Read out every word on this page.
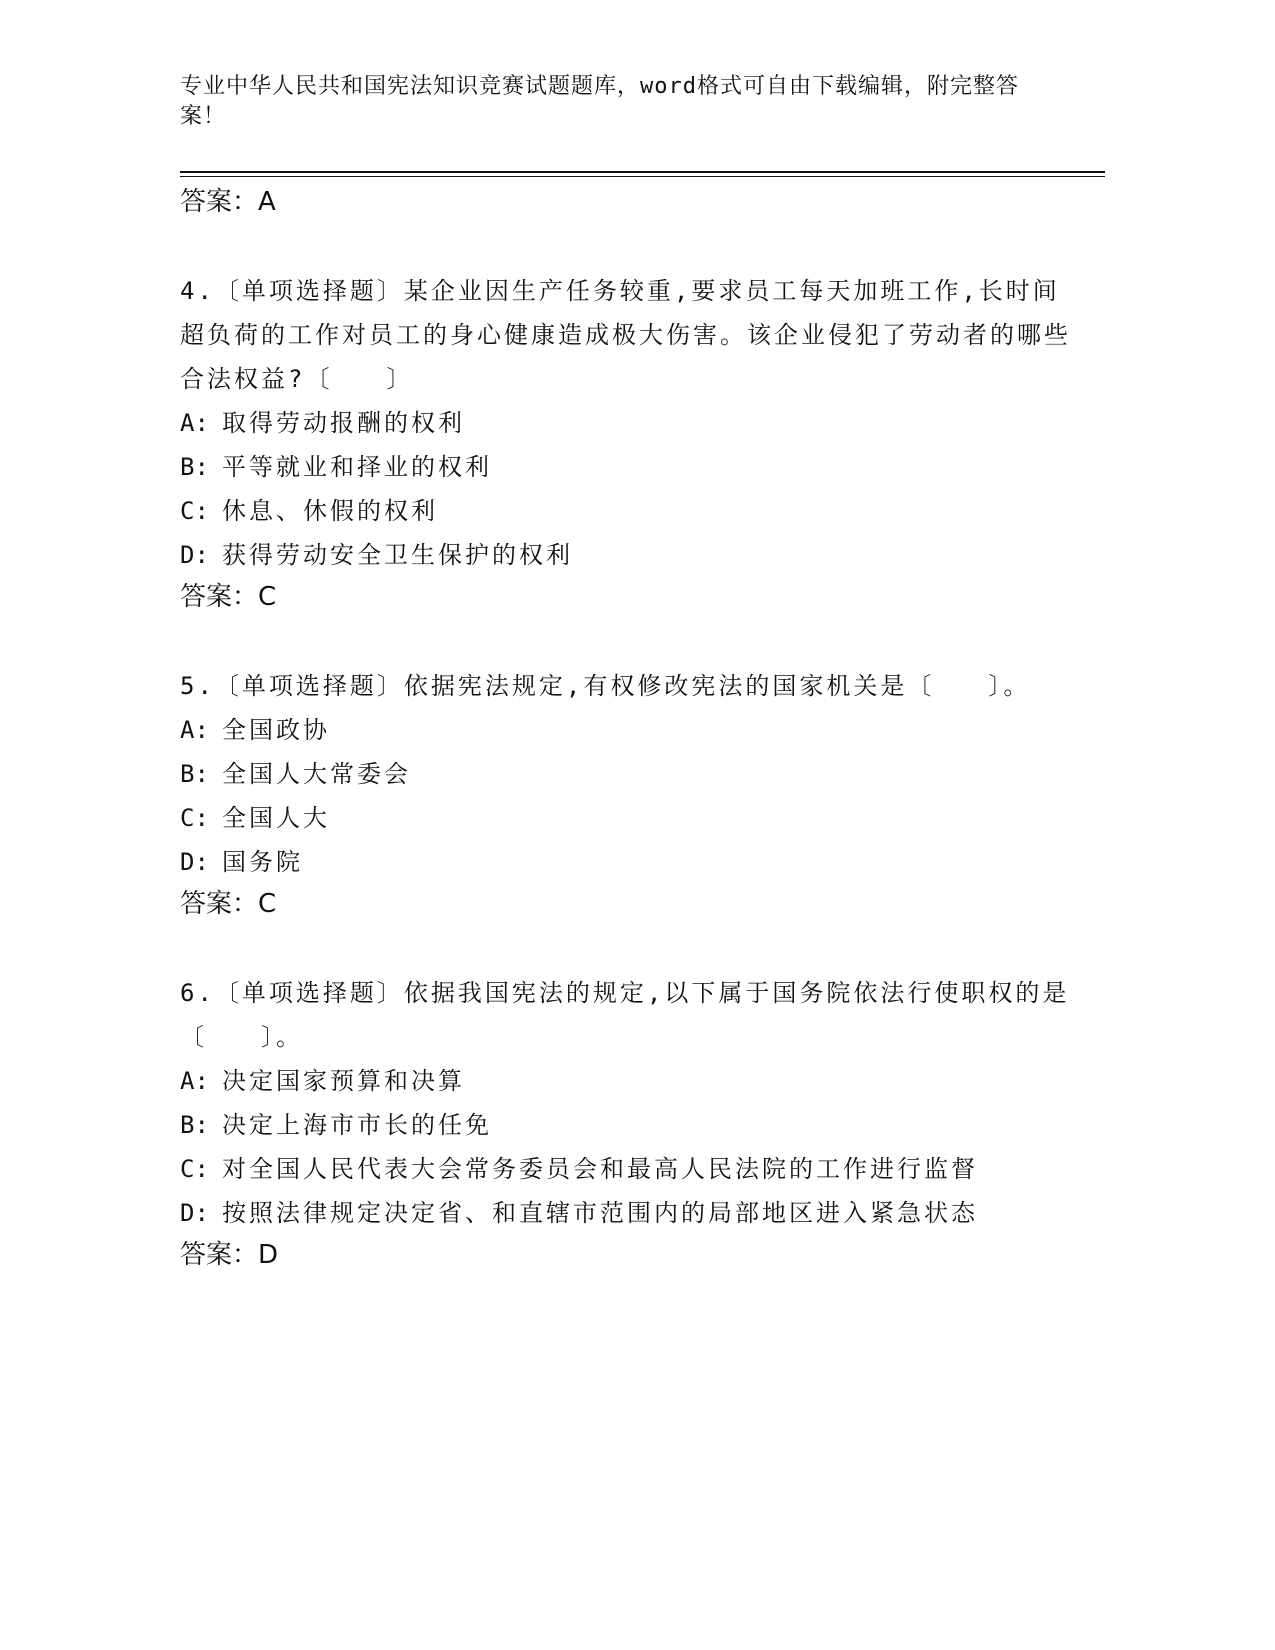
专业中华人民共和国宪法知识竞赛试题题库，word格式可自由下载编辑，附完整答案！
答案：A
4.〔单项选择题〕某企业因生产任务较重,要求员工每天加班工作,长时间超负荷的工作对员工的身心健康造成极大伤害。该企业侵犯了劳动者的哪些合法权益?〔　　〕
A: 取得劳动报酬的权利
B: 平等就业和择业的权利
C: 休息、休假的权利
D: 获得劳动安全卫生保护的权利
答案：C
5.〔单项选择题〕依据宪法规定,有权修改宪法的国家机关是〔　　〕。
A: 全国政协
B: 全国人大常委会
C: 全国人大
D: 国务院
答案：C
6.〔单项选择题〕依据我国宪法的规定,以下属于国务院依法行使职权的是〔　　〕。
A: 决定国家预算和决算
B: 决定上海市市长的任免
C: 对全国人民代表大会常务委员会和最高人民法院的工作进行监督
D: 按照法律规定决定省、和直辖市范围内的局部地区进入紧急状态
答案：D
